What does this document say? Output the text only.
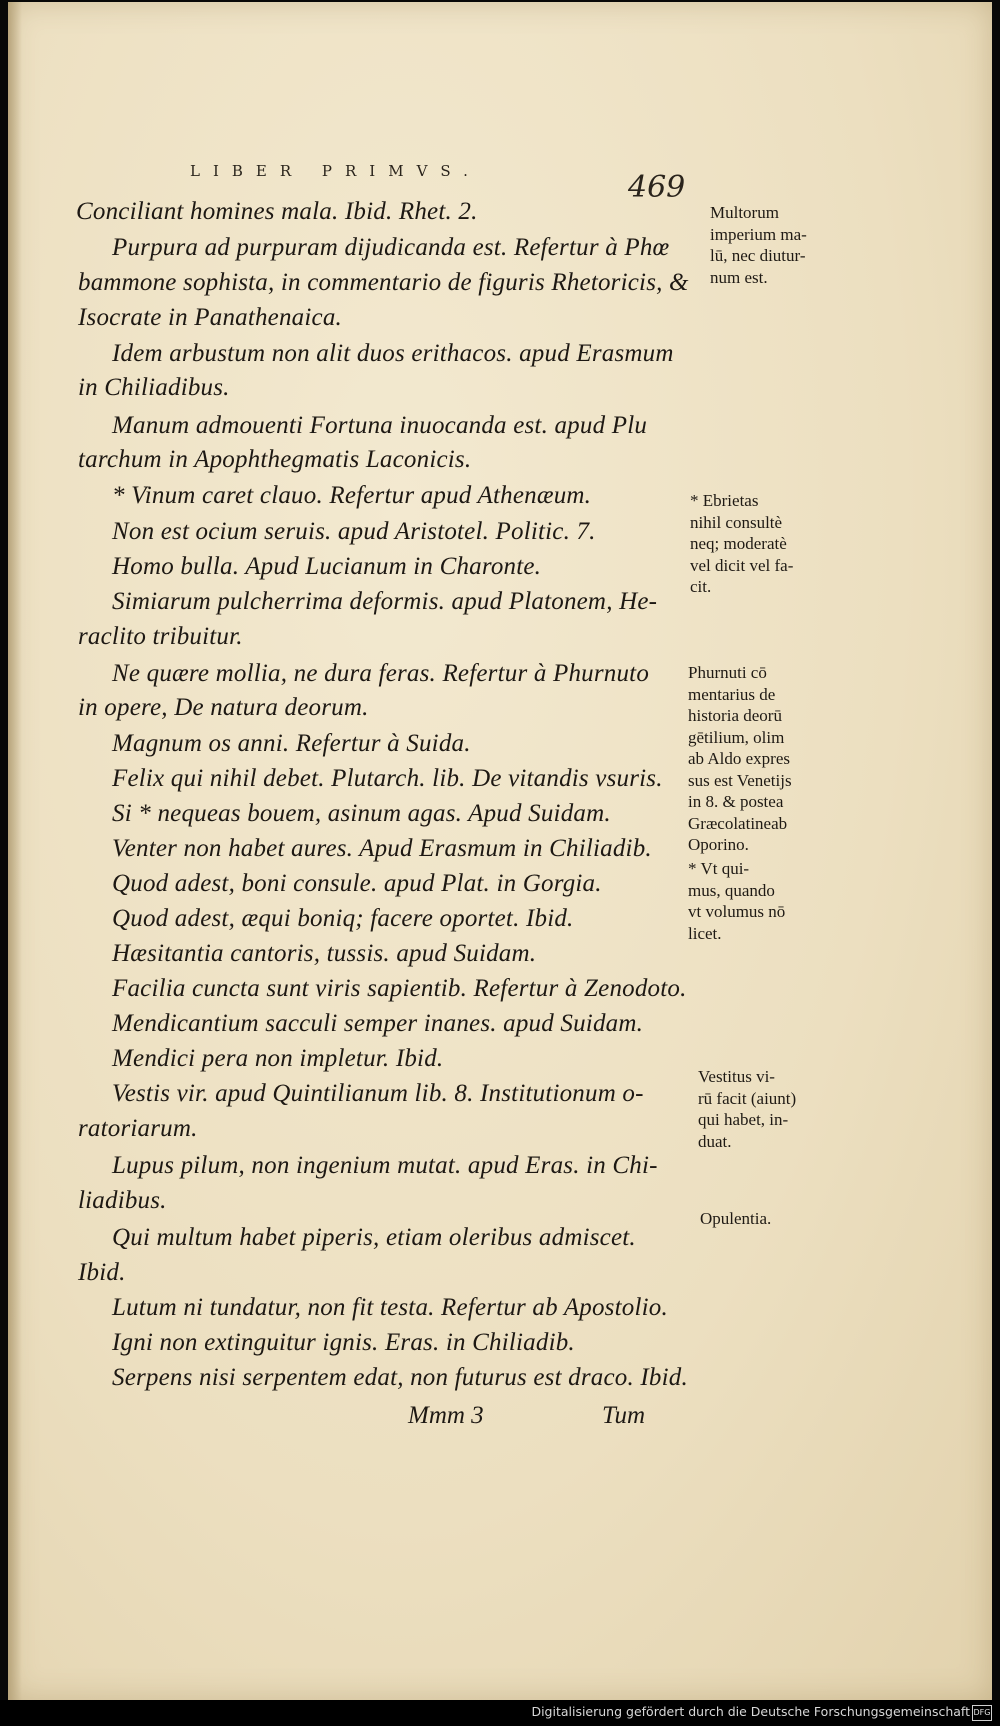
LIBER PRIMVS.	469
Conciliant homines mala. Ibid. Rhet. 2.
Purpura ad purpuram dijudicanda est. Refertur à Phœ
bammone sophista, in commentario de figuris Rhetoricis, &
Isocrate in Panathenaica.
Idem arbustum non alit duos erithacos. apud Erasmum
in Chiliadibus.
Manum admouenti Fortuna inuocanda est. apud Plu
tarchum in Apophthegmatis Laconicis.
* Vinum caret clauo. Refertur apud Athenæum.
Non est ocium seruis. apud Aristotel. Politic. 7.
Homo bulla. Apud Lucianum in Charonte.
Simiarum pulcherrima deformis. apud Platonem, He-
raclito tribuitur.
Ne quære mollia, ne dura feras. Refertur à Phurnuto
in opere, De natura deorum.
Magnum os anni. Refertur à Suida.
Felix qui nihil debet. Plutarch. lib. De vitandis vsuris.
Si * nequeas bouem, asinum agas. Apud Suidam.
Venter non habet aures. Apud Erasmum in Chiliadib.
Quod adest, boni consule. apud Plat. in Gorgia.
Quod adest, æqui boniq; facere oportet. Ibid.
Hæsitantia cantoris, tussis. apud Suidam.
Facilia cuncta sunt viris sapientib. Refertur à Zenodoto.
Mendicantium sacculi semper inanes. apud Suidam.
Mendici pera non impletur. Ibid.
Vestis vir. apud Quintilianum lib. 8. Institutionum o-
ratoriarum.
Lupus pilum, non ingenium mutat. apud Eras. in Chi-
liadibus.
Qui multum habet piperis, etiam oleribus admiscet.
Ibid.
Lutum ni tundatur, non fit testa. Refertur ab Apostolio.
Igni non extinguitur ignis. Eras. in Chiliadib.
Serpens nisi serpentem edat, non futurus est draco. Ibid.
Mmm 3	Tum
Multorum
imperium ma-
lū, nec diutur-
num est.
* Ebrietas
nihil consultè
neq; moderatè
vel dicit vel fa-
cit.
Phurnuti cō
mentarius de
historia deorū
gētilium, olim
ab Aldo expres
sus est Venetijs
in 8. & postea
Græcolatineab
Oporino.
* Vt qui-
mus, quando
vt volumus nō
licet.
Vestitus vi-
rū facit (aiunt)
qui habet, in-
duat.
Opulentia.
Digitalisierung gefördert durch die Deutsche Forschungsgemeinschaft DFG
